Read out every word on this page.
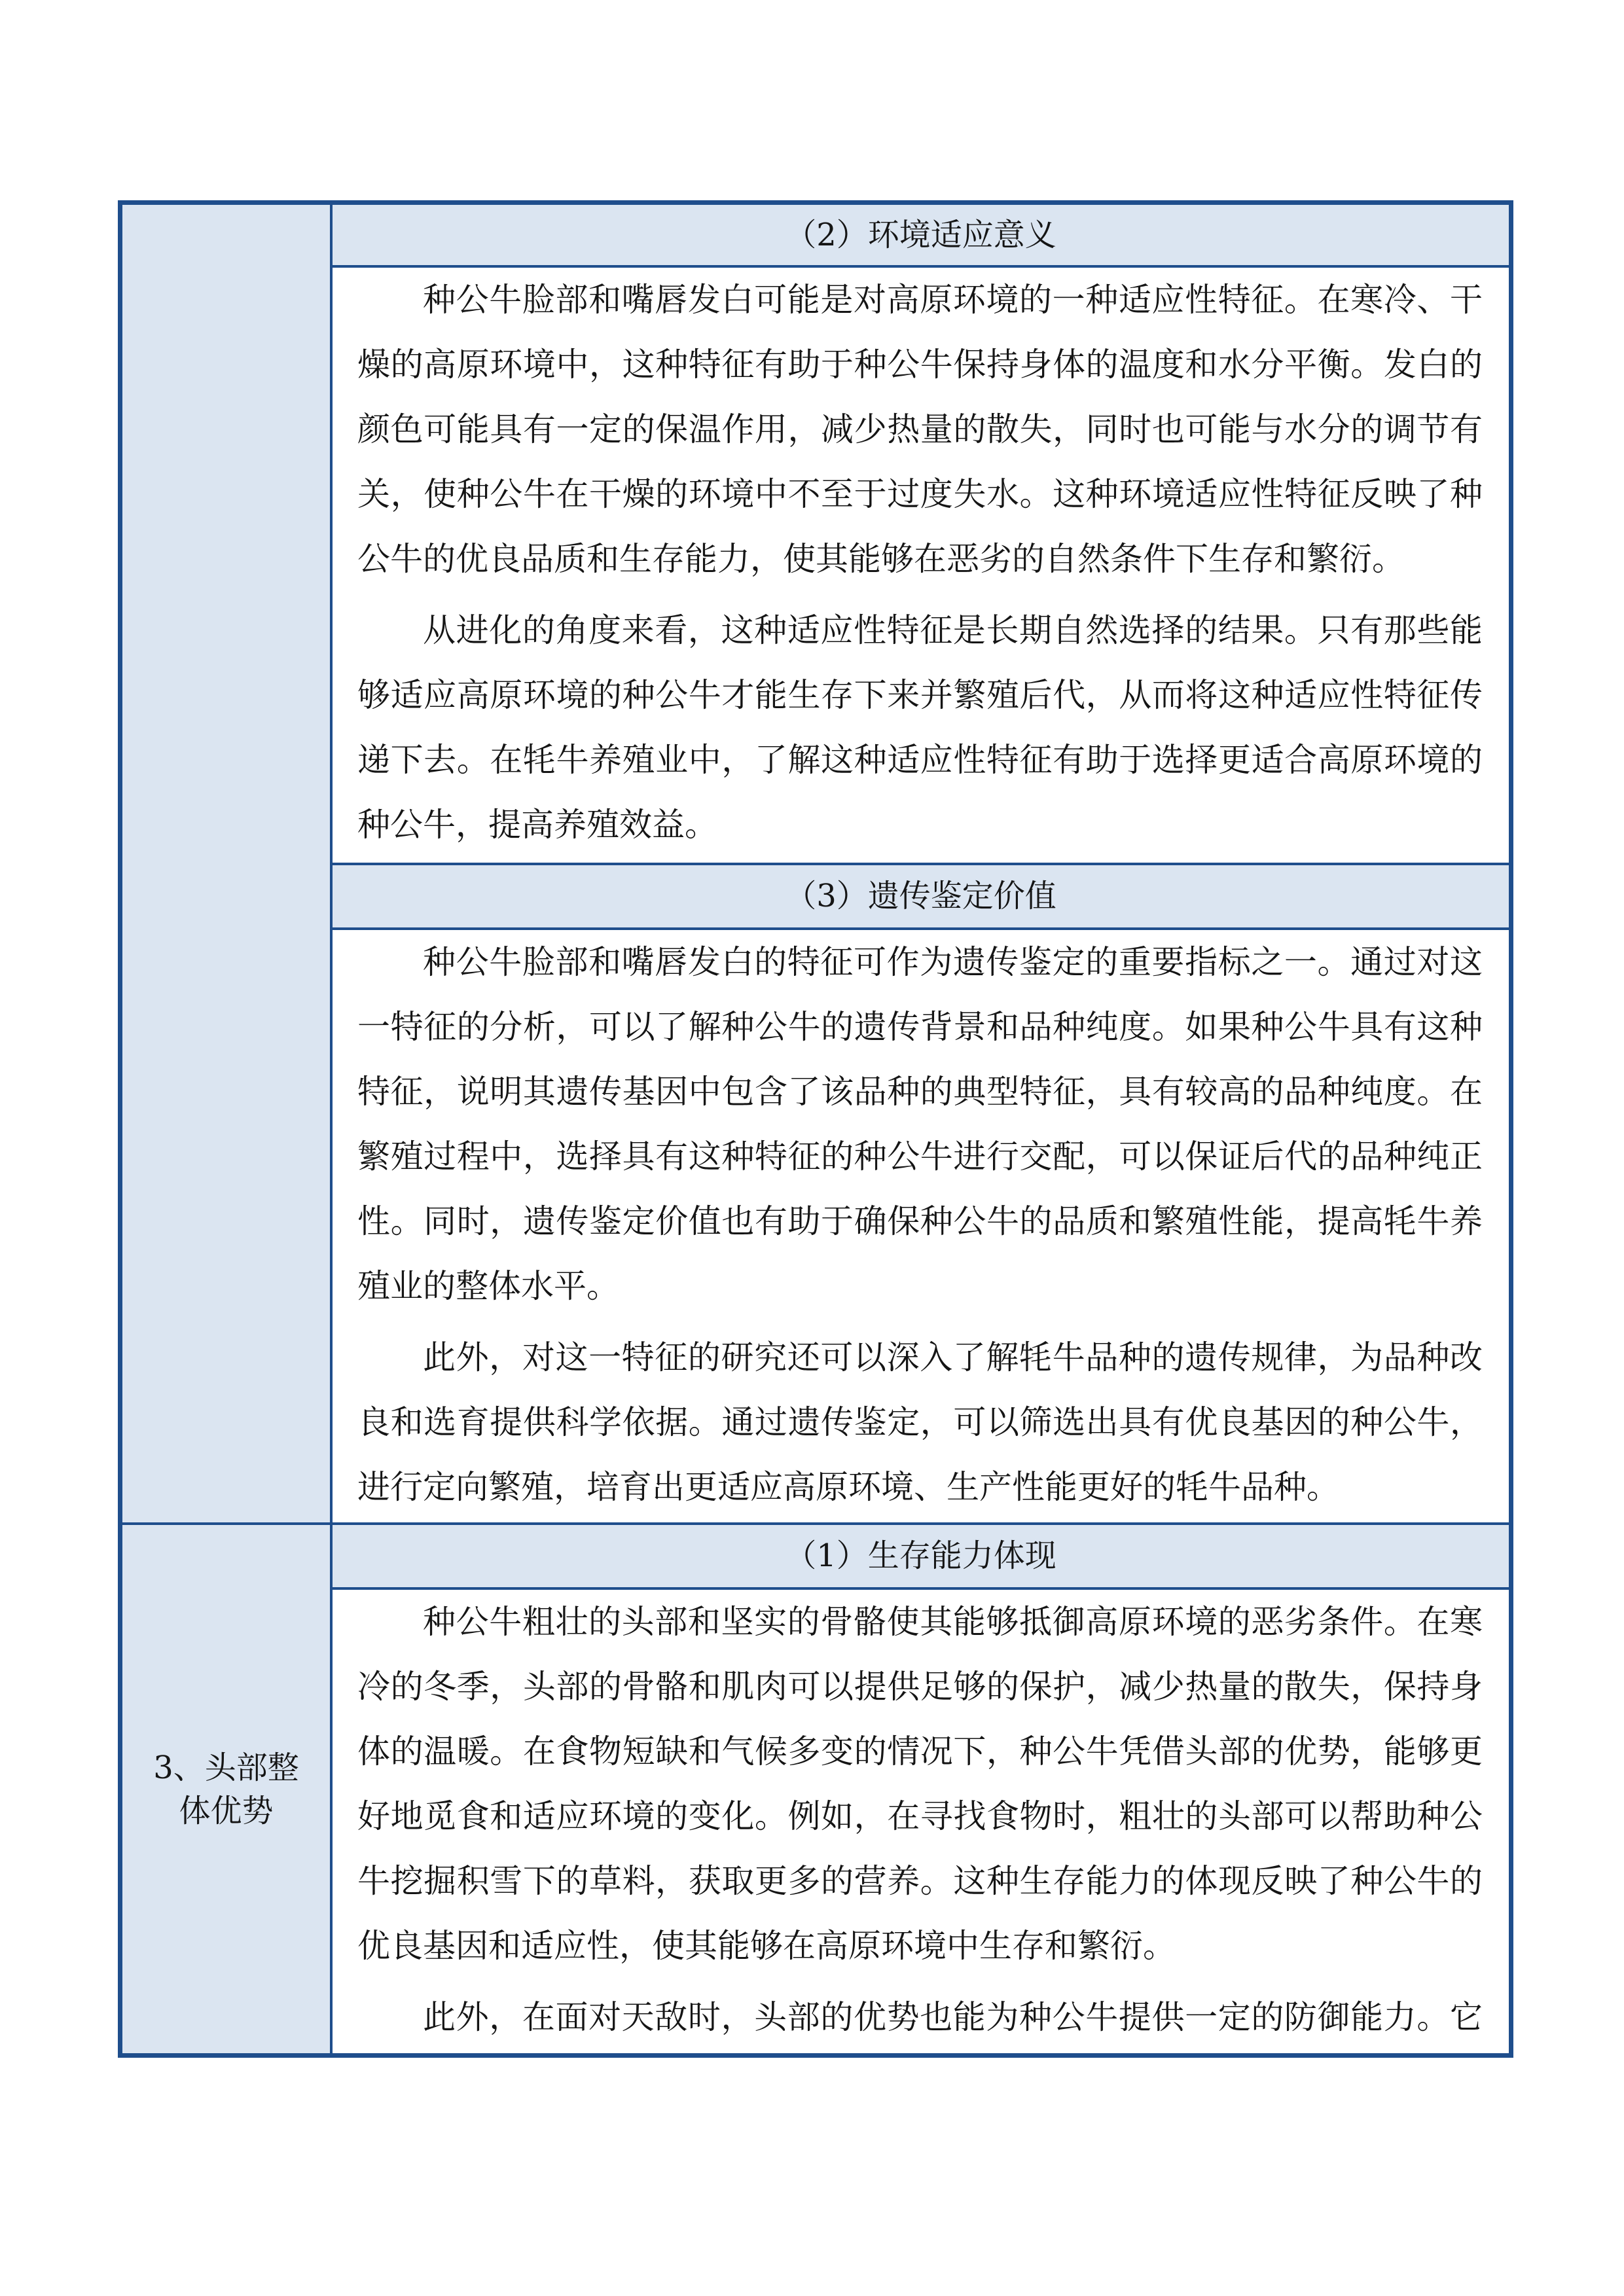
3、头部整体优势
（2）环境适应意义

种公牛脸部和嘴唇发白可能是对高原环境的一种适应性特征。在寒冷、干燥的高原环境中，这种特征有助于种公牛保持身体的温度和水分平衡。发白的颜色可能具有一定的保温作用，减少热量的散失，同时也可能与水分的调节有关，使种公牛在干燥的环境中不至于过度失水。这种环境适应性特征反映了种公牛的优良品质和生存能力，使其能够在恶劣的自然条件下生存和繁衍。

从进化的角度来看，这种适应性特征是长期自然选择的结果。只有那些能够适应高原环境的种公牛才能生存下来并繁殖后代，从而将这种适应性特征传递下去。在牦牛养殖业中，了解这种适应性特征有助于选择更适合高原环境的种公牛，提高养殖效益。

（3）遗传鉴定价值

种公牛脸部和嘴唇发白的特征可作为遗传鉴定的重要指标之一。通过对这一特征的分析，可以了解种公牛的遗传背景和品种纯度。如果种公牛具有这种特征，说明其遗传基因中包含了该品种的典型特征，具有较高的品种纯度。在繁殖过程中，选择具有这种特征的种公牛进行交配，可以保证后代的品种纯正性。同时，遗传鉴定价值也有助于确保种公牛的品质和繁殖性能，提高牦牛养殖业的整体水平。

此外，对这一特征的研究还可以深入了解牦牛品种的遗传规律，为品种改良和选育提供科学依据。通过遗传鉴定，可以筛选出具有优良基因的种公牛，进行定向繁殖，培育出更适应高原环境、生产性能更好的牦牛品种。

（1）生存能力体现

种公牛粗壮的头部和坚实的骨骼使其能够抵御高原环境的恶劣条件。在寒冷的冬季，头部的骨骼和肌肉可以提供足够的保护，减少热量的散失，保持身体的温暖。在食物短缺和气候多变的情况下，种公牛凭借头部的优势，能够更好地觅食和适应环境的变化。例如，在寻找食物时，粗壮的头部可以帮助种公牛挖掘积雪下的草料，获取更多的营养。这种生存能力的体现反映了种公牛的优良基因和适应性，使其能够在高原环境中生存和繁衍。

此外，在面对天敌时，头部的优势也能为种公牛提供一定的防御能力。它
